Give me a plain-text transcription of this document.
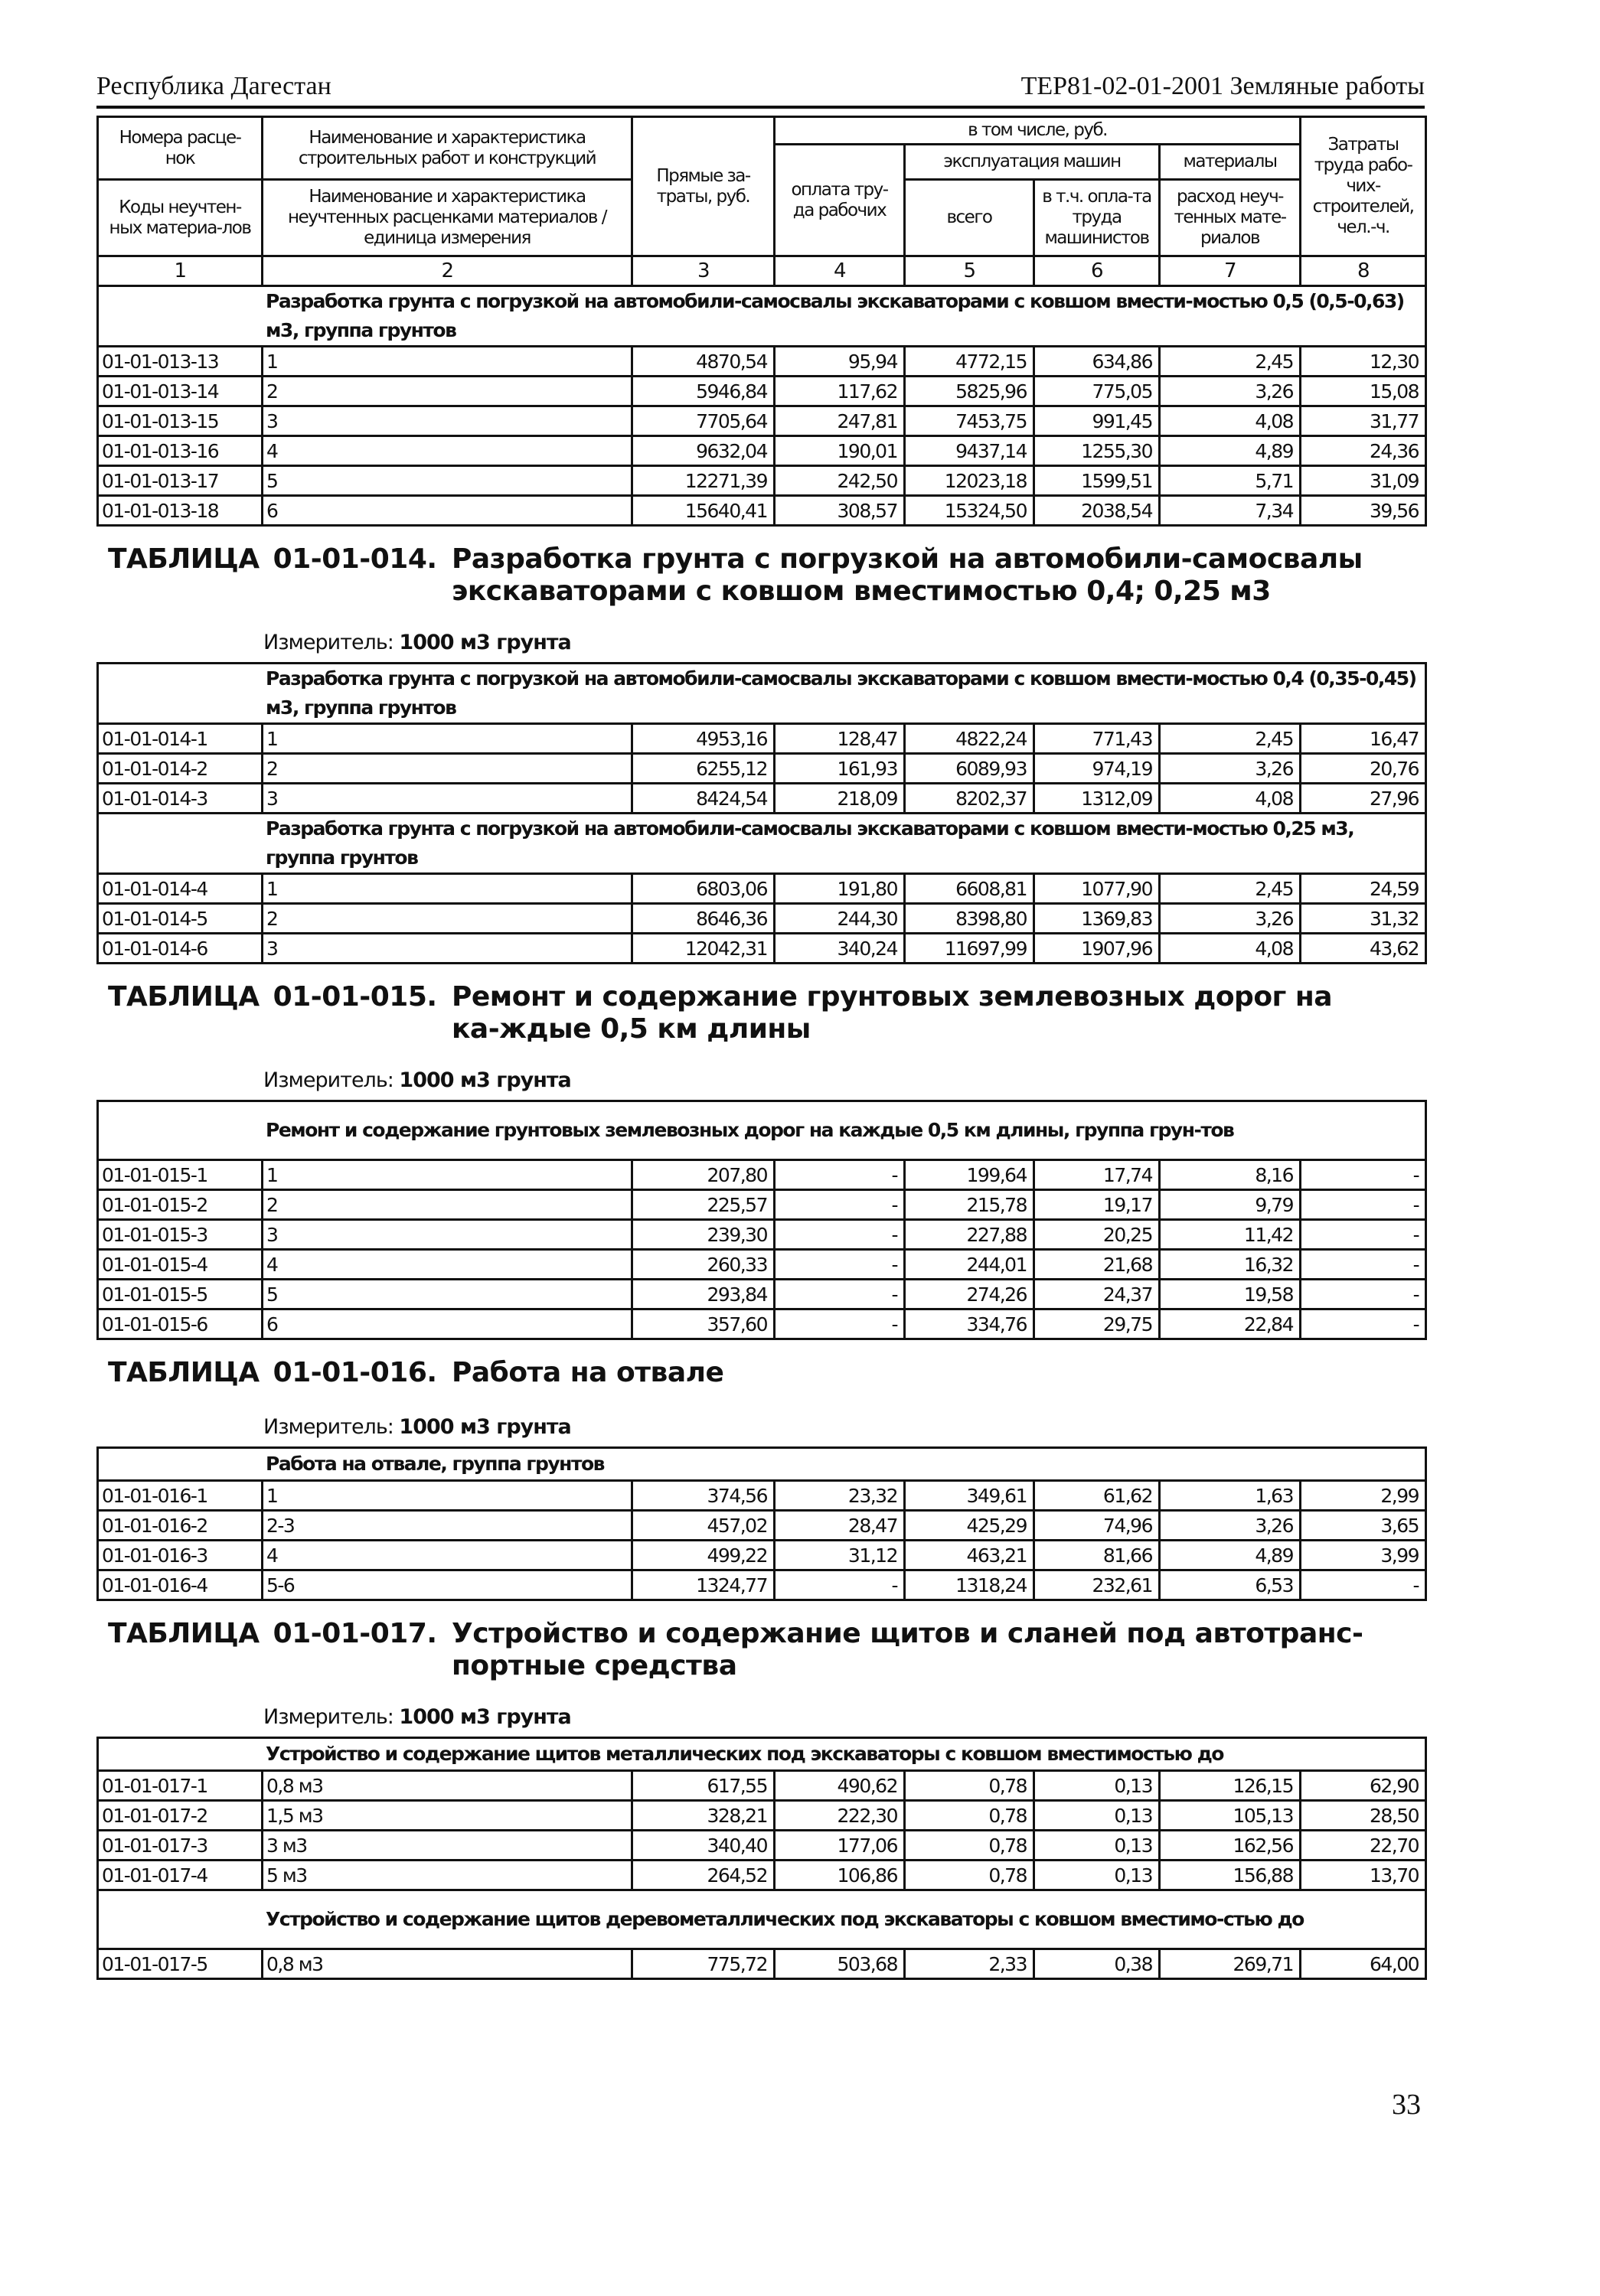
Республика Дагестан	ТЕР81-02-01-2001 Земляные работы
Номера расце-нок	Наименование и характеристика строительных работ и конструкций	Прямые за-траты, руб.	в том числе, руб.				Затраты труда рабо-чих-строителей, чел.-ч.
			оплата тру-да рабочих	эксплуатация машин		материалы	
Коды неучтен-ных материа-лов	Наименование и характеристика неучтенных расценками материалов / единица измерения			всего	в т.ч. опла-та труда машинистов	расход неуч-тенных мате-риалов	
1	2	3	4	5	6	7	8
Разработка грунта с погрузкой на автомобили-самосвалы экскаваторами с ковшом вмести-мостью 0,5 (0,5-0,63) м3, группа грунтов							
01-01-013-13	1	4870,54	95,94	4772,15	634,86	2,45	12,30
01-01-013-14	2	5946,84	117,62	5825,96	775,05	3,26	15,08
01-01-013-15	3	7705,64	247,81	7453,75	991,45	4,08	31,77
01-01-013-16	4	9632,04	190,01	9437,14	1255,30	4,89	24,36
01-01-013-17	5	12271,39	242,50	12023,18	1599,51	5,71	31,09
01-01-013-18	6	15640,41	308,57	15324,50	2038,54	7,34	39,56
ТАБЛИЦА 01-01-014. Разработка грунта с погрузкой на автомобили-самосвалы экскаваторами с ковшом вместимостью 0,4; 0,25 м3
Измеритель: 1000 м3 грунта
Разработка грунта с погрузкой на автомобили-самосвалы экскаваторами с ковшом вмести-мостью 0,4 (0,35-0,45) м3, группа грунтов							
01-01-014-1	1	4953,16	128,47	4822,24	771,43	2,45	16,47
01-01-014-2	2	6255,12	161,93	6089,93	974,19	3,26	20,76
01-01-014-3	3	8424,54	218,09	8202,37	1312,09	4,08	27,96
Разработка грунта с погрузкой на автомобили-самосвалы экскаваторами с ковшом вмести-мостью 0,25 м3, группа грунтов							
01-01-014-4	1	6803,06	191,80	6608,81	1077,90	2,45	24,59
01-01-014-5	2	8646,36	244,30	8398,80	1369,83	3,26	31,32
01-01-014-6	3	12042,31	340,24	11697,99	1907,96	4,08	43,62
ТАБЛИЦА 01-01-015. Ремонт и содержание грунтовых землевозных дорог на ка-ждые 0,5 км длины
Измеритель: 1000 м3 грунта
Ремонт и содержание грунтовых землевозных дорог на каждые 0,5 км длины, группа грун-тов							
01-01-015-1	1	207,80	-	199,64	17,74	8,16	-
01-01-015-2	2	225,57	-	215,78	19,17	9,79	-
01-01-015-3	3	239,30	-	227,88	20,25	11,42	-
01-01-015-4	4	260,33	-	244,01	21,68	16,32	-
01-01-015-5	5	293,84	-	274,26	24,37	19,58	-
01-01-015-6	6	357,60	-	334,76	29,75	22,84	-
ТАБЛИЦА 01-01-016. Работа на отвале
Измеритель: 1000 м3 грунта
Работа на отвале, группа грунтов							
01-01-016-1	1	374,56	23,32	349,61	61,62	1,63	2,99
01-01-016-2	2-3	457,02	28,47	425,29	74,96	3,26	3,65
01-01-016-3	4	499,22	31,12	463,21	81,66	4,89	3,99
01-01-016-4	5-6	1324,77	-	1318,24	232,61	6,53	-
ТАБЛИЦА 01-01-017. Устройство и содержание щитов и сланей под автотранс-портные средства
Измеритель: 1000 м3 грунта
Устройство и содержание щитов металлических под экскаваторы с ковшом вместимостью до							
01-01-017-1	0,8 м3	617,55	490,62	0,78	0,13	126,15	62,90
01-01-017-2	1,5 м3	328,21	222,30	0,78	0,13	105,13	28,50
01-01-017-3	3 м3	340,40	177,06	0,78	0,13	162,56	22,70
01-01-017-4	5 м3	264,52	106,86	0,78	0,13	156,88	13,70
Устройство и содержание щитов деревометаллических под экскаваторы с ковшом вместимо-стью до							
01-01-017-5	0,8 м3	775,72	503,68	2,33	0,38	269,71	64,00
33
